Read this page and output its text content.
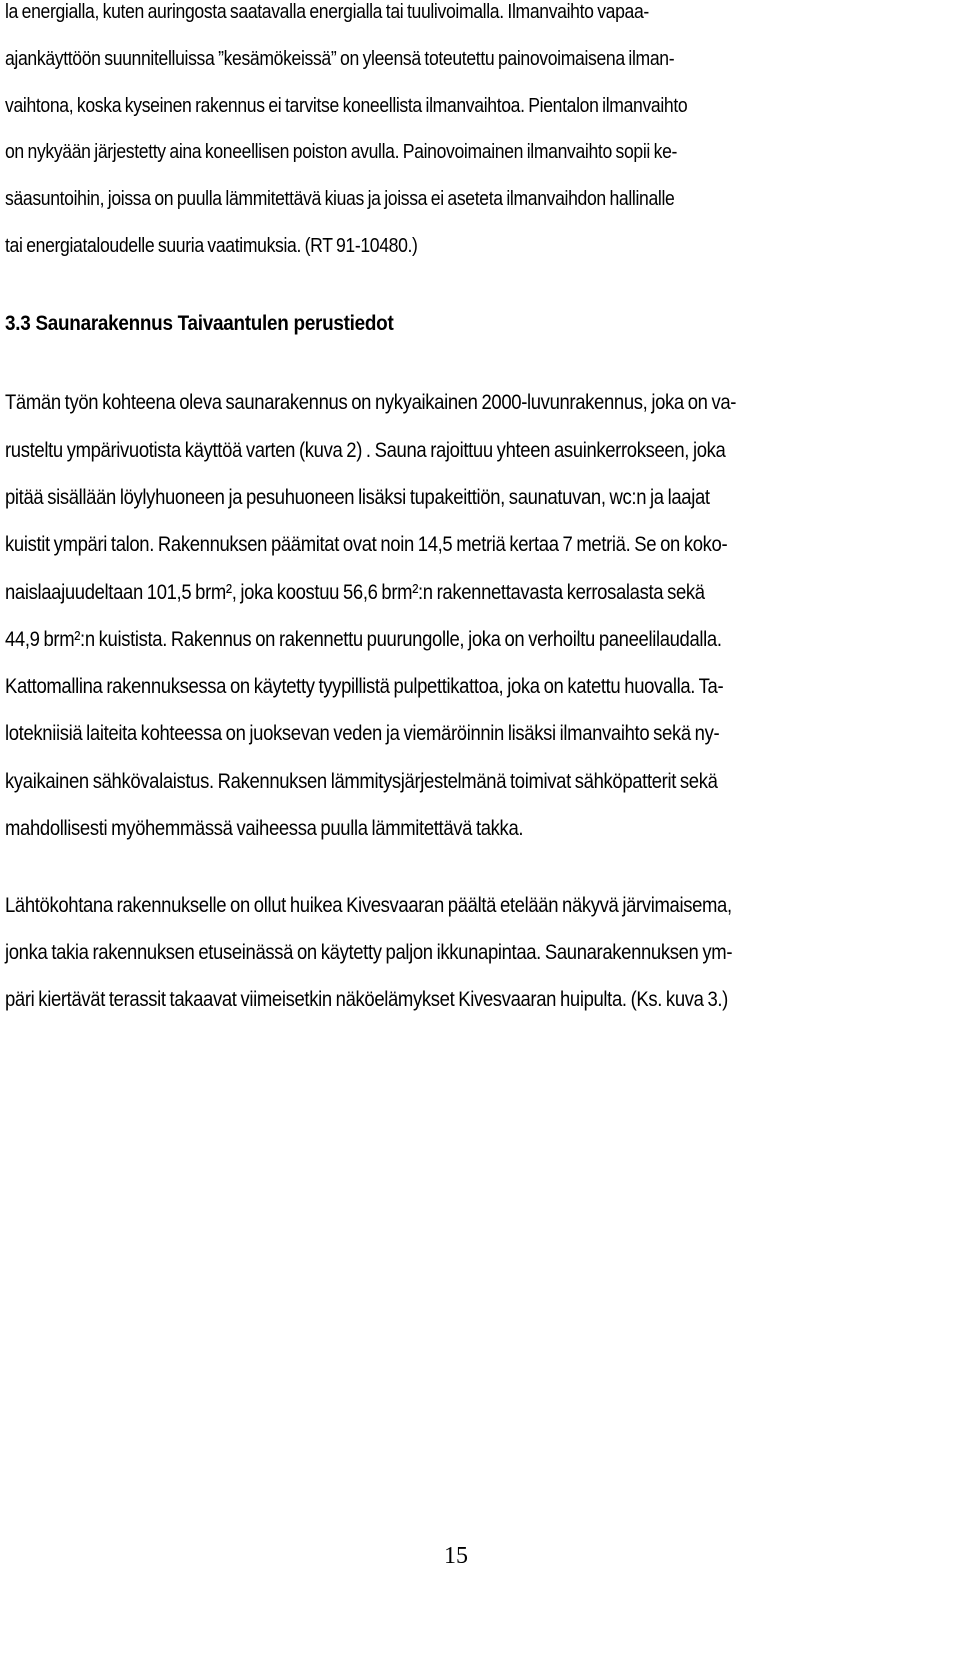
la energialla, kuten auringosta saatavalla energialla tai tuulivoimalla. Ilmanvaihto vapaa-
ajankäyttöön suunnitelluissa ”kesämökeissä” on yleensä toteutettu painovoimaisena ilman-
vaihtona, koska kyseinen rakennus ei tarvitse koneellista ilmanvaihtoa. Pientalon ilmanvaihto
on nykyään järjestetty aina koneellisen poiston avulla. Painovoimainen ilmanvaihto sopii ke-
säasuntoihin, joissa on puulla lämmitettävä kiuas ja joissa ei aseteta ilmanvaihdon hallinalle
tai energiataloudelle suuria vaatimuksia. (RT 91-10480.)
3.3 Saunarakennus Taivaantulen perustiedot
Tämän työn kohteena oleva saunarakennus on nykyaikainen 2000-luvunrakennus, joka on va-
rusteltu ympärivuotista käyttöä varten (kuva 2) . Sauna rajoittuu yhteen asuinkerrokseen, joka
pitää sisällään löylyhuoneen ja pesuhuoneen lisäksi tupakeittiön, saunatuvan, wc:n ja laajat
kuistit ympäri talon. Rakennuksen päämitat ovat noin 14,5 metriä kertaa 7 metriä. Se on koko-
naislaajuudeltaan 101,5 brm², joka koostuu 56,6 brm²:n rakennettavasta kerrosalasta sekä
44,9 brm²:n kuististа. Rakennus on rakennettu puurungolle, joka on verhoiltu paneelilaudalla.
Kattomallina rakennuksessa on käytetty tyypillistä pulpettikattoa, joka on katettu huovalla. Ta-
lotekniisiä laiteita kohteessa on juoksevan veden ja viemäröinnin lisäksi ilmanvaihto sekä ny-
kyaikainen sähkövalaistus. Rakennuksen lämmitysjärjestelmänä toimivat sähköpatterit sekä
mahdollisesti myöhemmässä vaiheessa puulla lämmitettävä takka.
Lähtökohtana rakennukselle on ollut huikea Kivesvaaran päältä etelään näkyvä järvimaisema,
jonka takia rakennuksen etuseinässä on käytetty paljon ikkunapintaa. Saunarakennuksen ym-
päri kiertävät terassit takaavat viimeisetkin näköelämykset Kivesvaaran huipulta. (Ks. kuva 3.)
15
